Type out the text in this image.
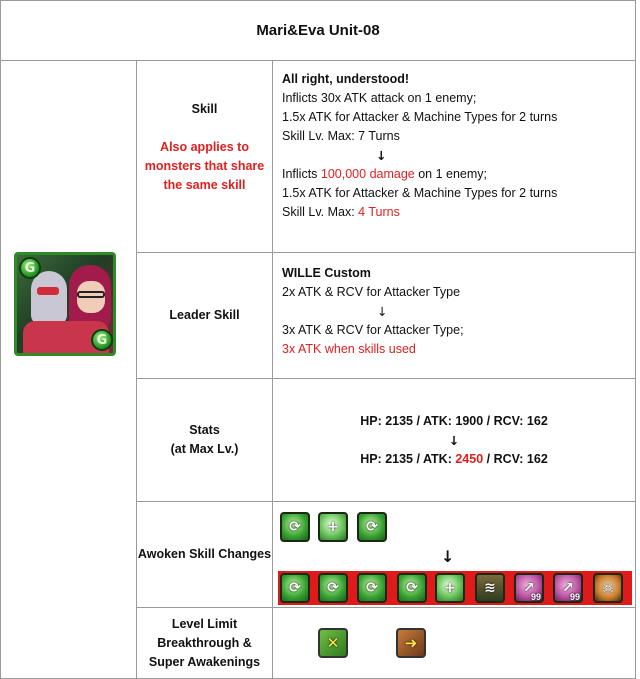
Mari&Eva Unit-08
G
G
Skill
Also applies to
monsters that share
the same skill
All right, understood!
Inflicts 30x ATK attack on 1 enemy;
1.5x ATK for Attacker & Machine Types for 2 turns
Skill Lv. Max: 7 Turns
↓
Inflicts 100,000 damage on 1 enemy;
1.5x ATK for Attacker & Machine Types for 2 turns
Skill Lv. Max: 4 Turns
Leader Skill
WILLE Custom
2x ATK & RCV for Attacker Type
↓
3x ATK & RCV for Attacker Type;
3x ATK when skills used
Stats
(at Max Lv.)
HP: 2135 / ATK: 1900 / RCV: 162
↓
HP: 2135 / ATK: 2450 / RCV: 162
Awoken Skill Changes
⟳ + ⟳
↓
⟳ ⟳ ⟳ ⟳ + ≋ ↗
99
↗
99
☠
Level Limit
Breakthrough &
Super Awakenings
✕	➜
